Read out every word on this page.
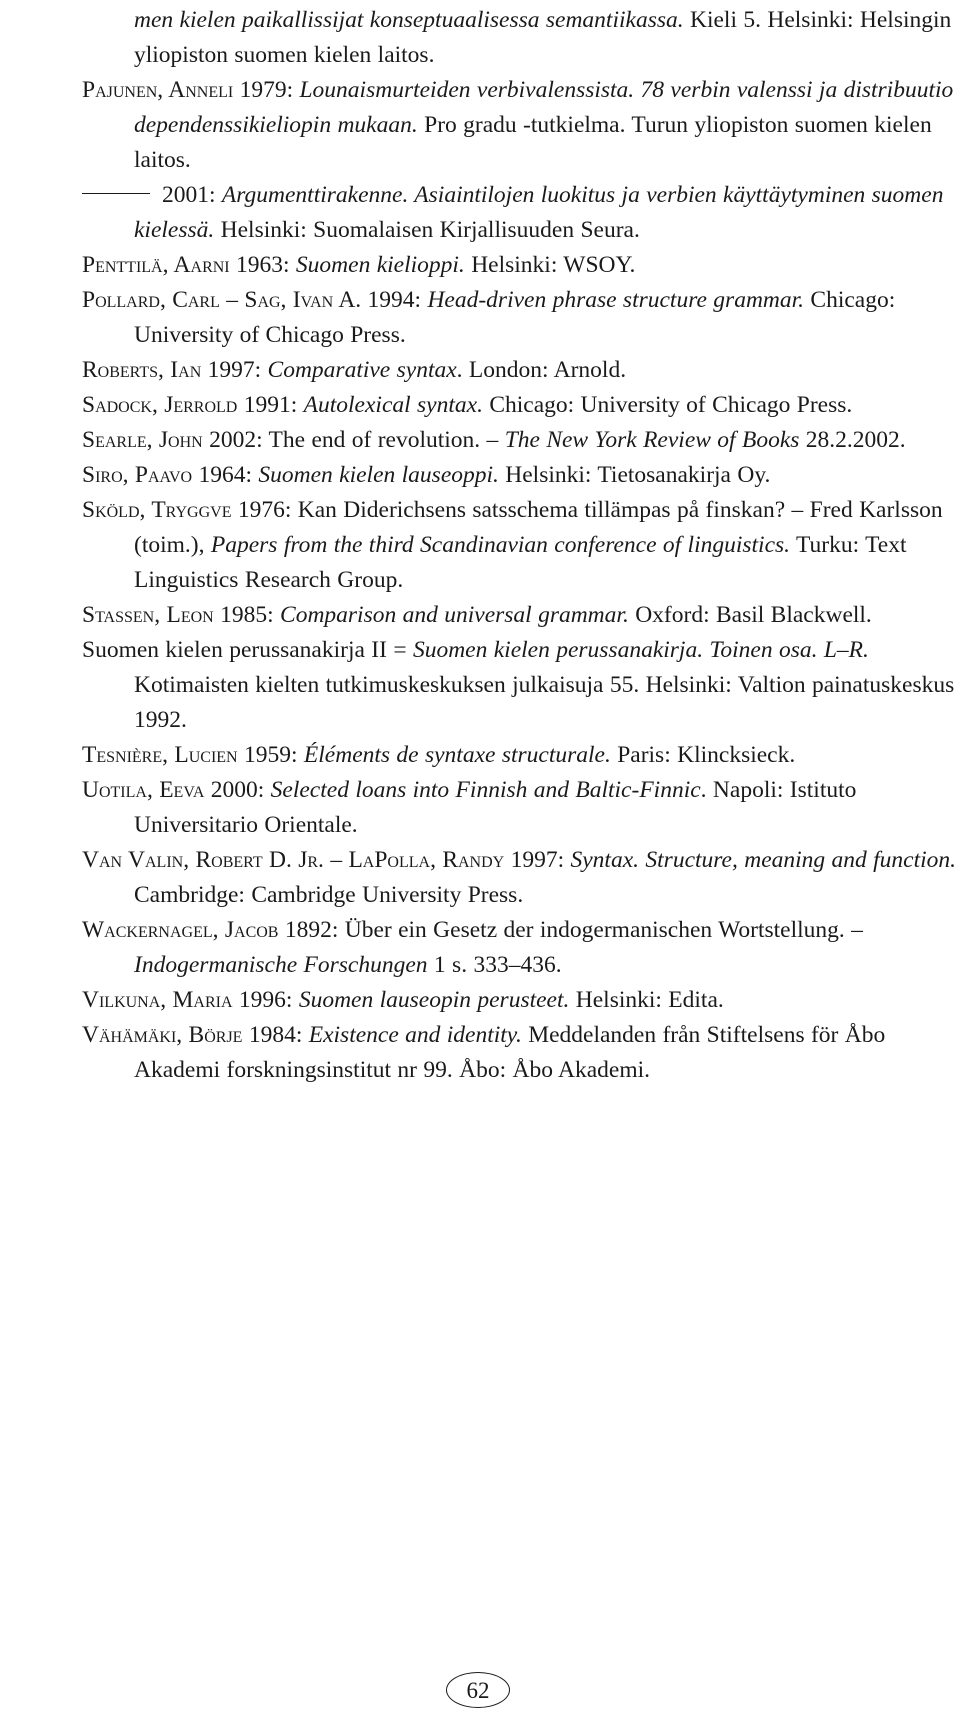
men kielen paikallissijat konseptuaalisessa semantiikassa. Kieli 5. Helsinki: Helsingin yliopiston suomen kielen laitos.

Pajunen, Anneli 1979: Lounaismurteiden verbivalenssista. 78 verbin valenssi ja distribuutio dependenssikieliopin mukaan. Pro gradu -tutkielma. Turun yliopiston suomen kielen laitos.

2001: Argumenttirakenne. Asiaintilojen luokitus ja verbien käyttäytyminen suomen kielessä. Helsinki: Suomalaisen Kirjallisuuden Seura.

Penttilä, Aarni 1963: Suomen kielioppi. Helsinki: WSOY.

Pollard, Carl – Sag, Ivan A. 1994: Head-driven phrase structure grammar. Chicago: University of Chicago Press.

Roberts, Ian 1997: Comparative syntax. London: Arnold.

Sadock, Jerrold 1991: Autolexical syntax. Chicago: University of Chicago Press.

Searle, John 2002: The end of revolution. – The New York Review of Books 28.2.2002.

Siro, Paavo 1964: Suomen kielen lauseoppi. Helsinki: Tietosanakirja Oy.

Sköld, Tryggve 1976: Kan Diderichsens satsschema tillämpas på finskan? – Fred Karlsson (toim.), Papers from the third Scandinavian conference of linguistics. Turku: Text Linguistics Research Group.

Stassen, Leon 1985: Comparison and universal grammar. Oxford: Basil Blackwell.

Suomen kielen perussanakirja II = Suomen kielen perussanakirja. Toinen osa. L–R. Kotimaisten kielten tutkimuskeskuksen julkaisuja 55. Helsinki: Valtion painatuskeskus 1992.

Tesnière, Lucien 1959: Éléments de syntaxe structurale. Paris: Klincksieck.

Uotila, Eeva 2000: Selected loans into Finnish and Baltic-Finnic. Napoli: Istituto Universitario Orientale.

Van Valin, Robert D. Jr. – LaPolla, Randy 1997: Syntax. Structure, meaning and function. Cambridge: Cambridge University Press.

Wackernagel, Jacob 1892: Über ein Gesetz der indogermanischen Wortstellung. – Indogermanische Forschungen 1 s. 333–436.

Vilkuna, Maria 1996: Suomen lauseopin perusteet. Helsinki: Edita.

Vähämäki, Börje 1984: Existence and identity. Meddelanden från Stiftelsens för Åbo Akademi forskningsinstitut nr 99. Åbo: Åbo Akademi.

62
